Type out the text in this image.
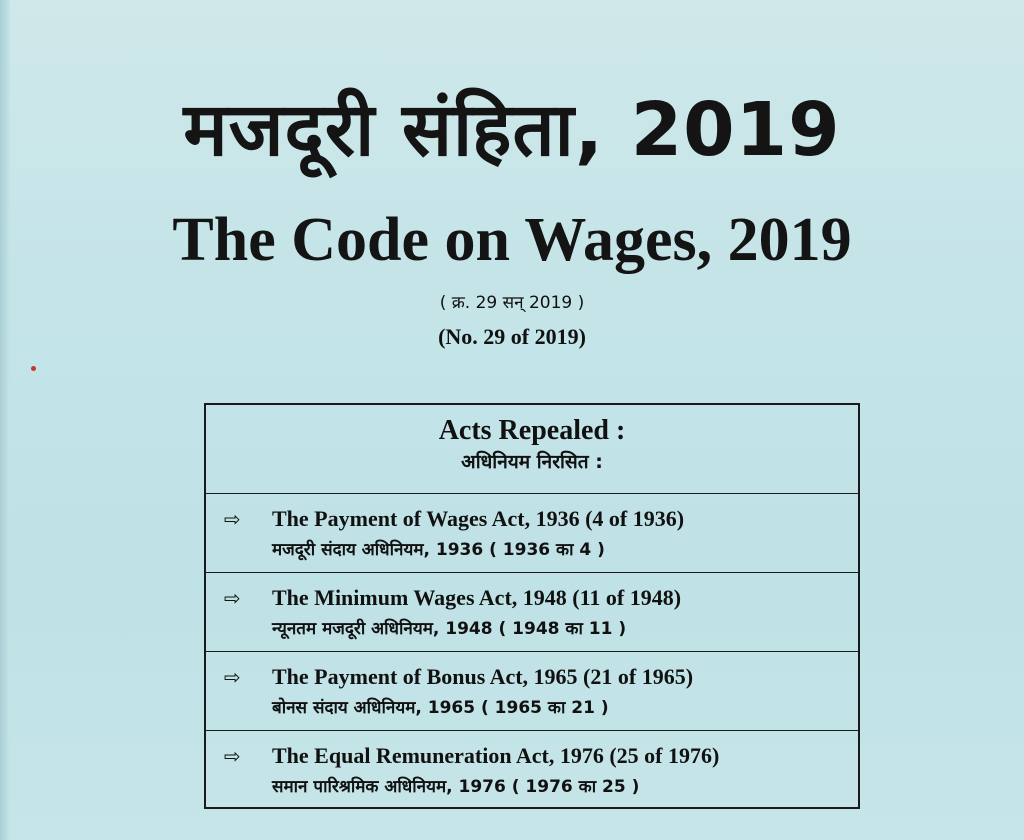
मजदूरी संहिता, 2019
The Code on Wages, 2019
( क्र. 29 सन् 2019 )
(No. 29 of 2019)
Acts Repealed :
अधिनियम निरसित :
⇨ The Payment of Wages Act, 1936 (4 of 1936)
मजदूरी संदाय अधिनियम, 1936 ( 1936 का 4 )
⇨ The Minimum Wages Act, 1948 (11 of 1948)
न्यूनतम मजदूरी अधिनियम, 1948 ( 1948 का 11 )
⇨ The Payment of Bonus Act, 1965 (21 of 1965)
बोनस संदाय अधिनियम, 1965 ( 1965 का 21 )
⇨ The Equal Remuneration Act, 1976 (25 of 1976)
समान पारिश्रमिक अधिनियम, 1976 ( 1976 का 25 )
